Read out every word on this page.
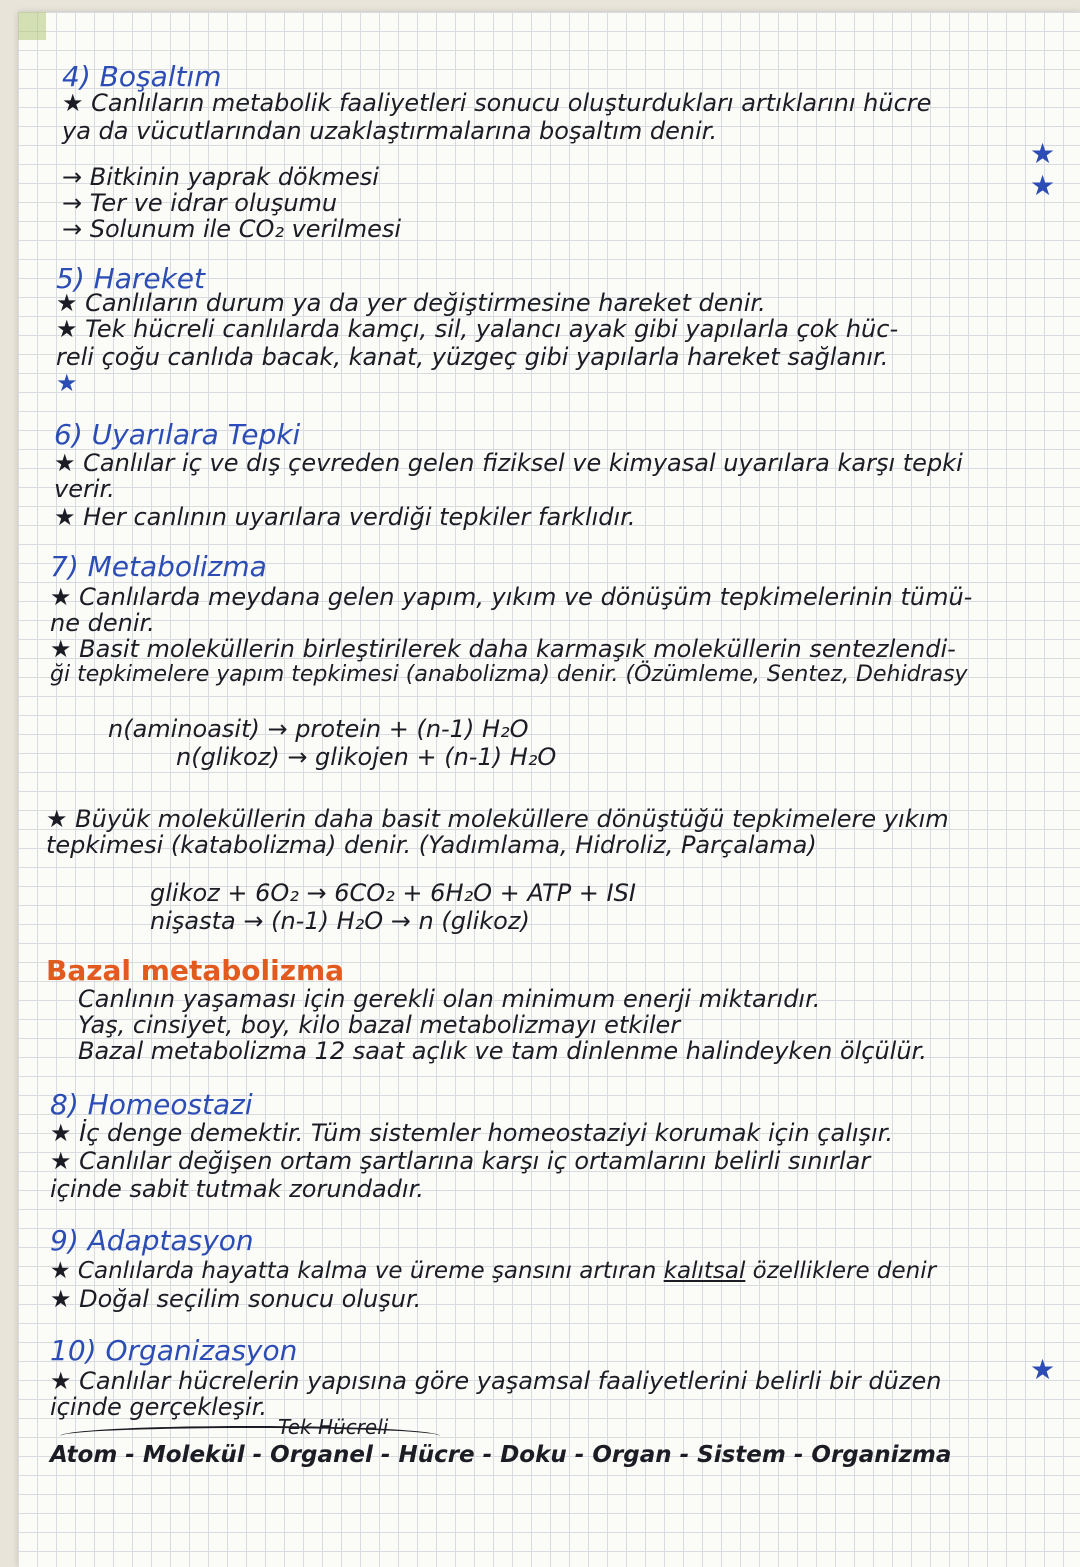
4) Boşaltım
★ Canlıların metabolik faaliyetleri sonucu oluşturdukları artıklarını hücre
ya da vücutlarından uzaklaştırmalarına boşaltım denir.
→ Bitkinin yaprak dökmesi
→ Ter ve idrar oluşumu
→ Solunum ile CO₂ verilmesi
5) Hareket
★ Canlıların durum ya da yer değiştirmesine hareket denir.
★ Tek hücreli canlılarda kamçı, sil, yalancı ayak gibi yapılarla çok hüc-
reli çoğu canlıda bacak, kanat, yüzgeç gibi yapılarla hareket sağlanır.
★
6) Uyarılara Tepki
★ Canlılar iç ve dış çevreden gelen fiziksel ve kimyasal uyarılara karşı tepki
verir.
★ Her canlının uyarılara verdiği tepkiler farklıdır.
7) Metabolizma
★ Canlılarda meydana gelen yapım, yıkım ve dönüşüm tepkimelerinin tümü-
ne denir.
★ Basit moleküllerin birleştirilerek daha karmaşık moleküllerin sentezlendi-
ği tepkimelere yapım tepkimesi (anabolizma) denir. (Özümleme, Sentez, Dehidrasy
n(aminoasit) → protein + (n-1) H₂O
n(glikoz) → glikojen + (n-1) H₂O
★ Büyük moleküllerin daha basit moleküllere dönüştüğü tepkimelere yıkım
tepkimesi (katabolizma) denir. (Yadımlama, Hidroliz, Parçalama)
glikoz + 6O₂ → 6CO₂ + 6H₂O + ATP + ISI
nişasta → (n-1) H₂O → n (glikoz)
Bazal metabolizma
Canlının yaşaması için gerekli olan minimum enerji miktarıdır.
Yaş, cinsiyet, boy, kilo bazal metabolizmayı etkiler
Bazal metabolizma 12 saat açlık ve tam dinlenme halindeyken ölçülür.
8) Homeostazi
★ İç denge demektir. Tüm sistemler homeostaziyi korumak için çalışır.
★ Canlılar değişen ortam şartlarına karşı iç ortamlarını belirli sınırlar
içinde sabit tutmak zorundadır.
9) Adaptasyon
★ Canlılarda hayatta kalma ve üreme şansını artıran kalıtsal özelliklere denir
★ Doğal seçilim sonucu oluşur.
10) Organizasyon
★ Canlılar hücrelerin yapısına göre yaşamsal faaliyetlerini belirli bir düzen
içinde gerçekleşir.
Tek Hücreli
Atom - Molekül - Organel - Hücre - Doku - Organ - Sistem - Organizma
★
★
★
